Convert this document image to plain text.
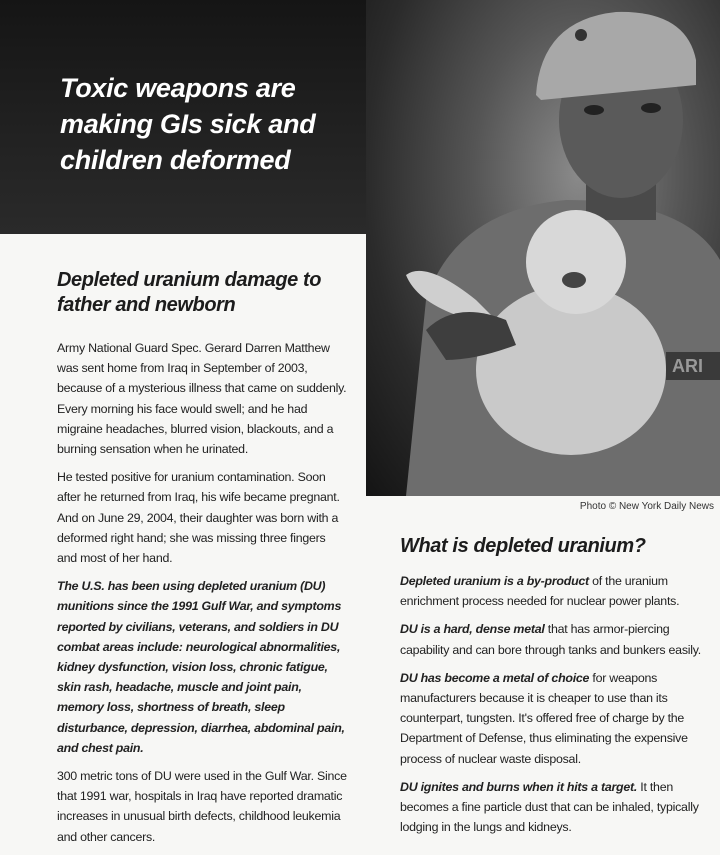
ARI
Toxic weapons are making GIs sick and children deformed
Photo © New York Daily News
Depleted uranium damage to father and newborn

Army National Guard Spec. Gerard Darren Matthew was sent home from Iraq in September of 2003, because of a mysterious illness that came on suddenly. Every morning his face would swell; and he had migraine headaches, blurred vision, blackouts, and a burning sensation when he urinated.

He tested positive for uranium contamination. Soon after he returned from Iraq, his wife became pregnant. And on June 29, 2004, their daughter was born with a deformed right hand; she was missing three fingers and most of her hand.

The U.S. has been using depleted uranium (DU) munitions since the 1991 Gulf War, and symptoms reported by civilians, veterans, and soldiers in DU combat areas include: neurological abnormalities, kidney dysfunction, vision loss, chronic fatigue, skin rash, headache, muscle and joint pain, memory loss, shortness of breath, sleep disturbance, depression, diarrhea, abdominal pain, and chest pain.

300 metric tons of DU were used in the Gulf War. Since that 1991 war, hospitals in Iraq have reported dramatic increases in unusual birth defects, childhood leukemia and other cancers.

What is depleted uranium?

Depleted uranium is a by-product of the uranium enrichment process needed for nuclear power plants.

DU is a hard, dense metal that has armor-piercing capability and can bore through tanks and bunkers easily.

DU has become a metal of choice for weapons manufacturers because it is cheaper to use than its counterpart, tungsten. It's offered free of charge by the Department of Defense, thus eliminating the expensive process of nuclear waste disposal.

DU ignites and burns when it hits a target. It then becomes a fine particle dust that can be inhaled, typically lodging in the lungs and kidneys.
